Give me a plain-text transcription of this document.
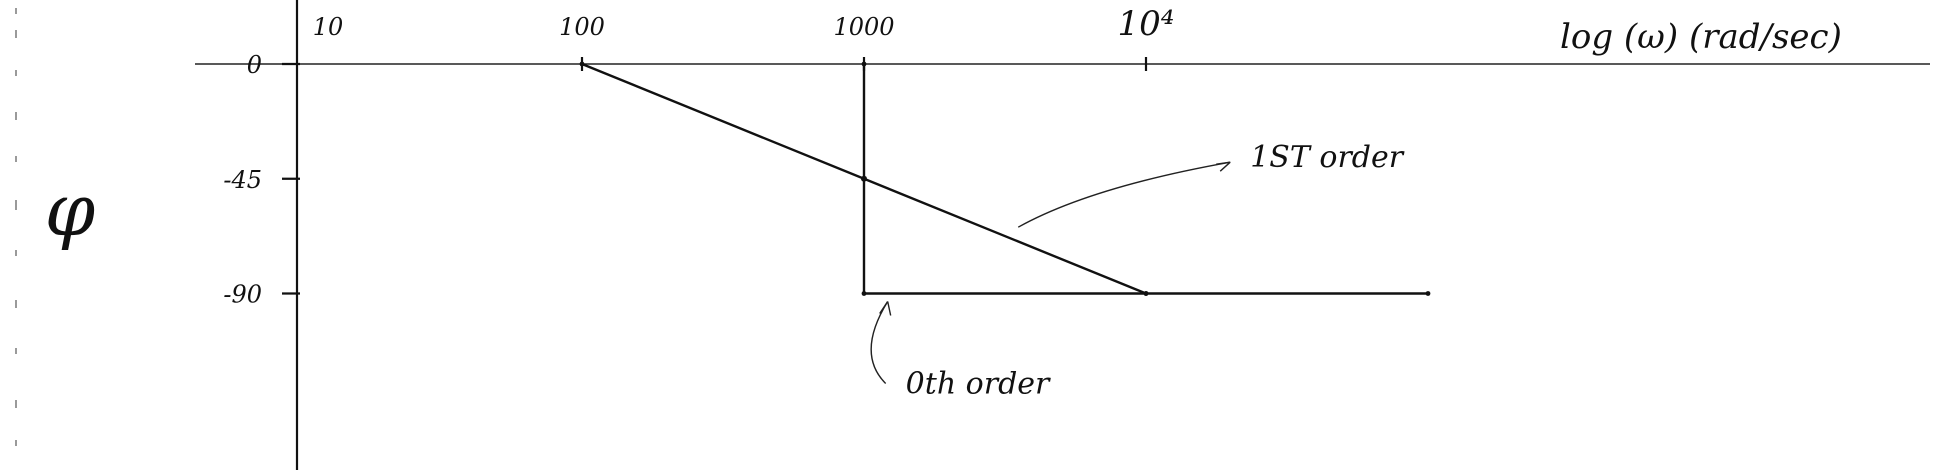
φ
log (ω) (rad/sec)
10	100	1000	10⁴
0
-45
-90
1ST order
0th order
